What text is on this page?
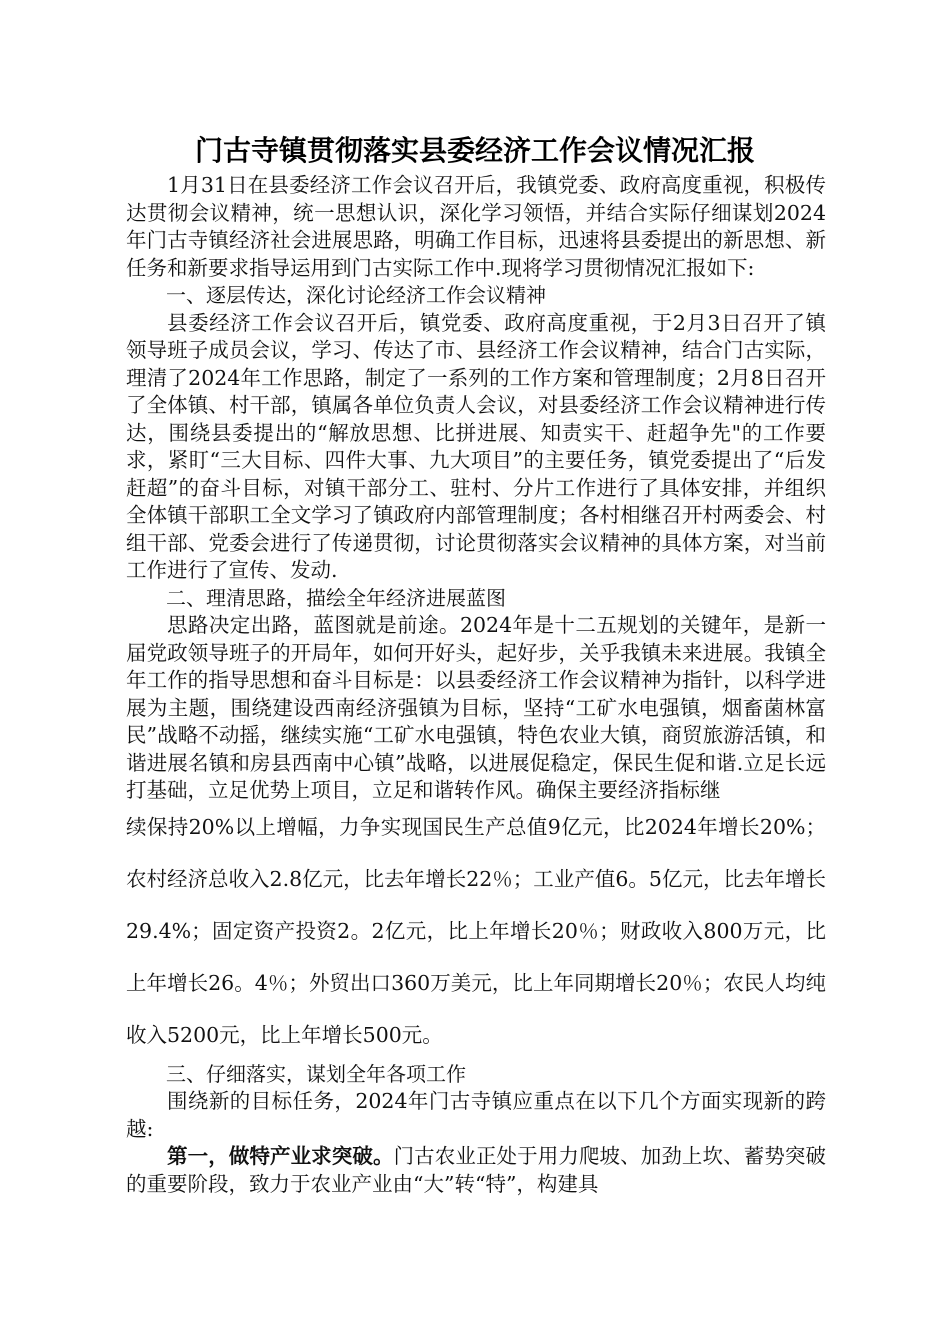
门古寺镇贯彻落实县委经济工作会议情况汇报

1月31日在县委经济工作会议召开后，我镇党委、政府高度重视，积极传达贯彻会议精神，统一思想认识，深化学习领悟，并结合实际仔细谋划2024年门古寺镇经济社会进展思路，明确工作目标，迅速将县委提出的新思想、新任务和新要求指导运用到门古实际工作中.现将学习贯彻情况汇报如下:

一、逐层传达，深化讨论经济工作会议精神

县委经济工作会议召开后，镇党委、政府高度重视，于2月3日召开了镇领导班子成员会议，学习、传达了市、县经济工作会议精神，结合门古实际，理清了2024年工作思路，制定了一系列的工作方案和管理制度；2月8日召开了全体镇、村干部，镇属各单位负责人会议，对县委经济工作会议精神进行传达，围绕县委提出的“解放思想、比拼进展、知责实干、赶超争先"的工作要求，紧盯“三大目标、四件大事、九大项目”的主要任务，镇党委提出了“后发赶超”的奋斗目标，对镇干部分工、驻村、分片工作进行了具体安排，并组织全体镇干部职工全文学习了镇政府内部管理制度；各村相继召开村两委会、村组干部、党委会进行了传递贯彻，讨论贯彻落实会议精神的具体方案，对当前工作进行了宣传、发动.

二、理清思路，描绘全年经济进展蓝图

思路决定出路，蓝图就是前途。2024年是十二五规划的关键年，是新一届党政领导班子的开局年，如何开好头，起好步，关乎我镇未来进展。我镇全年工作的指导思想和奋斗目标是：以县委经济工作会议精神为指针，以科学进展为主题，围绕建设西南经济强镇为目标，坚持“工矿水电强镇，烟畜菌林富民”战略不动摇，继续实施“工矿水电强镇，特色农业大镇，商贸旅游活镇，和谐进展名镇和房县西南中心镇”战略，以进展促稳定，保民生促和谐.立足长远打基础，立足优势上项目，立足和谐转作风。确保主要经济指标继

续保持20%以上增幅，力争实现国民生产总值9亿元，比2024年增长20%；农村经济总收入2.8亿元，比去年增长22％；工业产值6。5亿元，比去年增长29.4%；固定资产投资2。2亿元，比上年增长20％；财政收入800万元，比上年增长26。4％；外贸出口360万美元，比上年同期增长20％；农民人均纯收入5200元，比上年增长500元。

三、仔细落实，谋划全年各项工作

围绕新的目标任务，2024年门古寺镇应重点在以下几个方面实现新的跨越:

第一，做特产业求突破。门古农业正处于用力爬坡、加劲上坎、蓄势突破的重要阶段，致力于农业产业由“大”转“特”，构建具
